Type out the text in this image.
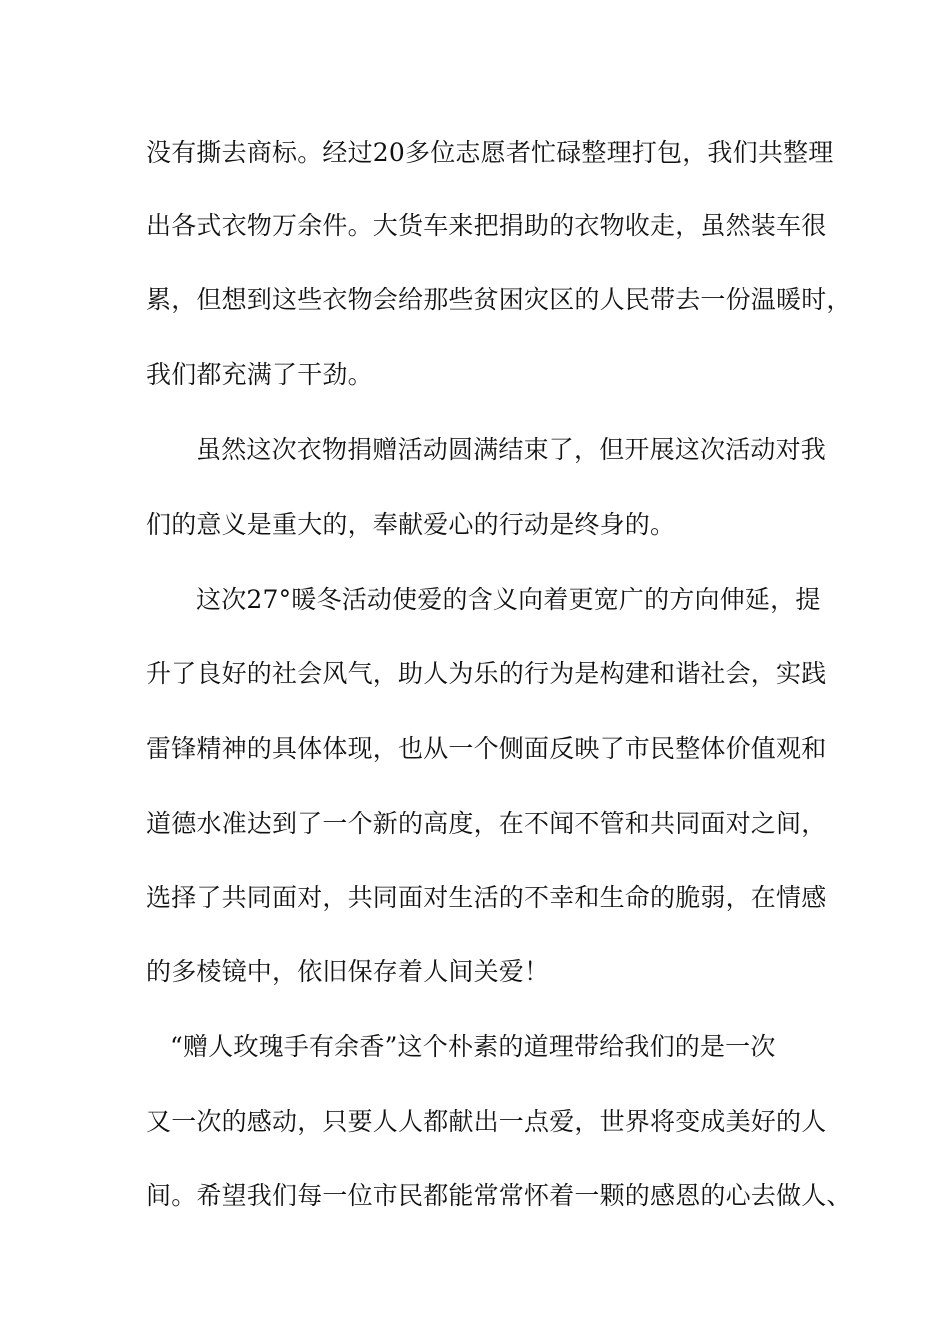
没有撕去商标。经过20多位志愿者忙碌整理打包，我们共整理
出各式衣物万余件。大货车来把捐助的衣物收走，虽然装车很
累，但想到这些衣物会给那些贫困灾区的人民带去一份温暖时，
我们都充满了干劲。
虽然这次衣物捐赠活动圆满结束了，但开展这次活动对我
们的意义是重大的，奉献爱心的行动是终身的。
这次27°暖冬活动使爱的含义向着更宽广的方向伸延，提
升了良好的社会风气，助人为乐的行为是构建和谐社会，实践
雷锋精神的具体体现，也从一个侧面反映了市民整体价值观和
道德水准达到了一个新的高度，在不闻不管和共同面对之间，
选择了共同面对，共同面对生活的不幸和生命的脆弱，在情感
的多棱镜中，依旧保存着人间关爱！
“赠人玫瑰手有余香”这个朴素的道理带给我们的是一次
又一次的感动，只要人人都献出一点爱，世界将变成美好的人
间。希望我们每一位市民都能常常怀着一颗的感恩的心去做人、
